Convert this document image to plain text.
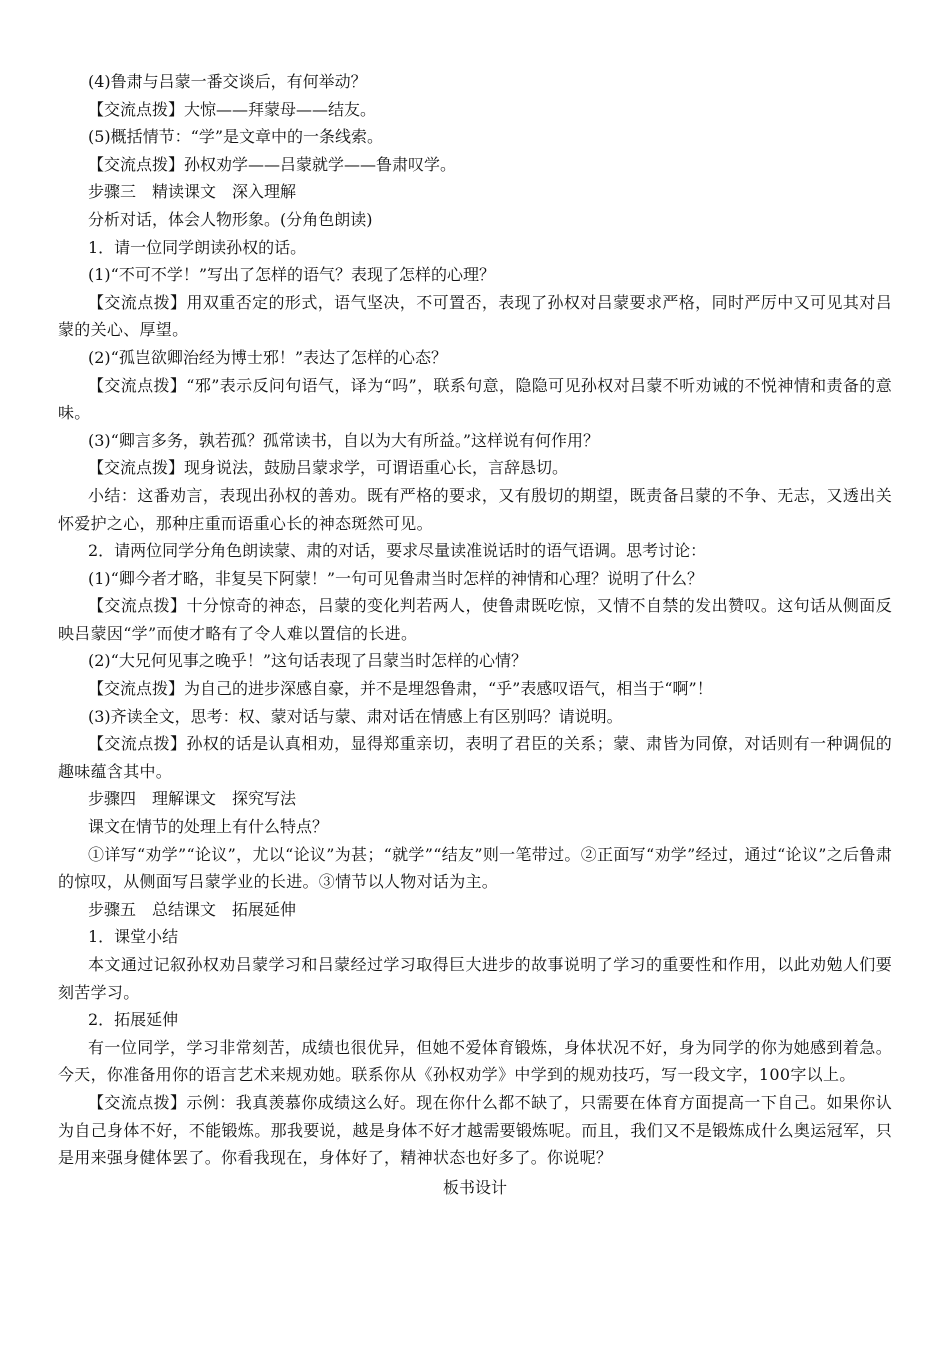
(4)鲁肃与吕蒙一番交谈后，有何举动？

【交流点拨】大惊——拜蒙母——结友。

(5)概括情节：“学”是文章中的一条线索。

【交流点拨】孙权劝学——吕蒙就学——鲁肃叹学。

步骤三　精读课文　深入理解

分析对话，体会人物形象。(分角色朗读)

1．请一位同学朗读孙权的话。

(1)“不可不学！”写出了怎样的语气？表现了怎样的心理？

【交流点拨】用双重否定的形式，语气坚决，不可置否，表现了孙权对吕蒙要求严格，同时严厉中又可见其对吕蒙的关心、厚望。

(2)“孤岂欲卿治经为博士邪！”表达了怎样的心态？

【交流点拨】“邪”表示反问句语气，译为“吗”，联系句意，隐隐可见孙权对吕蒙不听劝诫的不悦神情和责备的意味。

(3)“卿言多务，孰若孤？孤常读书，自以为大有所益。”这样说有何作用？

【交流点拨】现身说法，鼓励吕蒙求学，可谓语重心长，言辞恳切。

小结：这番劝言，表现出孙权的善劝。既有严格的要求，又有殷切的期望，既责备吕蒙的不争、无志，又透出关怀爱护之心，那种庄重而语重心长的神态斑然可见。

2．请两位同学分角色朗读蒙、肃的对话，要求尽量读准说话时的语气语调。思考讨论：

(1)“卿今者才略，非复吴下阿蒙！”一句可见鲁肃当时怎样的神情和心理？说明了什么？

【交流点拨】十分惊奇的神态，吕蒙的变化判若两人，使鲁肃既吃惊，又情不自禁的发出赞叹。这句话从侧面反映吕蒙因“学”而使才略有了令人难以置信的长进。

(2)“大兄何见事之晚乎！”这句话表现了吕蒙当时怎样的心情？

【交流点拨】为自己的进步深感自豪，并不是埋怨鲁肃，“乎”表感叹语气，相当于“啊”！

(3)齐读全文，思考：权、蒙对话与蒙、肃对话在情感上有区别吗？请说明。

【交流点拨】孙权的话是认真相劝，显得郑重亲切，表明了君臣的关系；蒙、肃皆为同僚，对话则有一种调侃的趣味蕴含其中。

步骤四　理解课文　探究写法

课文在情节的处理上有什么特点？

①详写“劝学”“论议”，尤以“论议”为甚；“就学”“结友”则一笔带过。②正面写“劝学”经过，通过“论议”之后鲁肃的惊叹，从侧面写吕蒙学业的长进。③情节以人物对话为主。

步骤五　总结课文　拓展延伸

1．课堂小结

本文通过记叙孙权劝吕蒙学习和吕蒙经过学习取得巨大进步的故事说明了学习的重要性和作用，以此劝勉人们要刻苦学习。

2．拓展延伸

有一位同学，学习非常刻苦，成绩也很优异，但她不爱体育锻炼，身体状况不好，身为同学的你为她感到着急。今天，你准备用你的语言艺术来规劝她。联系你从《孙权劝学》中学到的规劝技巧，写一段文字，100字以上。

【交流点拨】示例：我真羡慕你成绩这么好。现在你什么都不缺了，只需要在体育方面提高一下自己。如果你认为自己身体不好，不能锻炼。那我要说，越是身体不好才越需要锻炼呢。而且，我们又不是锻炼成什么奥运冠军，只是用来强身健体罢了。你看我现在，身体好了，精神状态也好多了。你说呢？

板书设计
